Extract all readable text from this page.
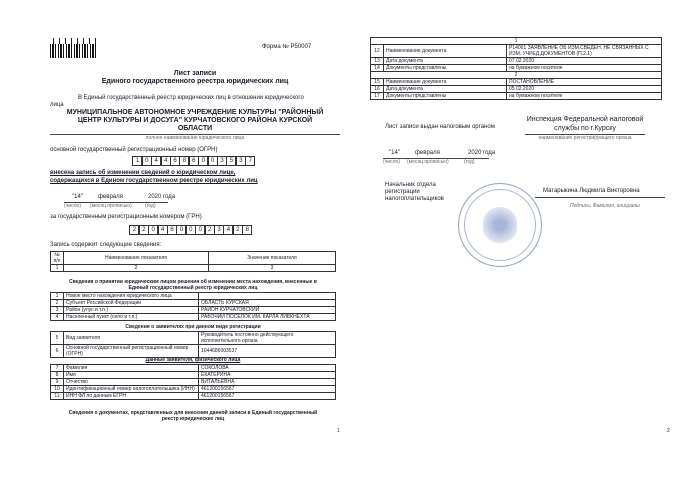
Форма № Р50007
Лист записи
Единого государственного реестра юридических лиц
В Единый государственный реестр юридических лиц в отношении юридического
лица
МУНИЦИПАЛЬНОЕ АВТОНОМНОЕ УЧРЕЖДЕНИЕ КУЛЬТУРЫ "РАЙОННЫЙ
ЦЕНТР КУЛЬТУРЫ И ДОСУГА" КУРЧАТОВСКОГО РАЙОНА КУРСКОЙ
ОБЛАСТИ
полное наименование юридического лица
основной государственный регистрационный номер (ОГРН)
1	0	4	4	6	8	6	0	0	3	5	3	7
внесена запись об изменении сведений о юридическом лице,
содержащихся в Едином государственном реестре юридических лиц
"14"	февраля	2020 года
(число) (месяц прописью)	(год)
за государственным регистрационным номером (ГРН)
2	2	0	4	6	0	0	0	2	3	4	2	8
Запись содержит следующие сведения:
№ п/п	Наименование показателя	Значение показателя
1	2	3
Сведения о принятии юридическим лицом решения об изменении места нахождения, внесенные в
Единый государственный реестр юридических лиц
1	Новое место нахождения юридического лица	
2	Субъект Российской Федерации	ОБЛАСТЬ КУРСКАЯ
3	Район (улус и т.п.)	РАЙОН КУРЧАТОВСКИЙ
4	Населенный пункт (село и т.п.)	РАБОЧИЙ ПОСЕЛОК ИМ. КАРЛА ЛИБКНЕХТА
Сведения о заявителях при данном виде регистрации
5	Вид заявителя	Руководитель постоянно действующего исполнительного органа
6	Основной государственный регистрационный номер (ОГРН)	1044686003537
Данные заявителя, физического лица
7	Фамилия	СОКОЛОВА
8	Имя	ЕКАТЕРИНА
9	Отчество	ВИТАЛЬЕВНА
10	Идентификационный номер налогоплательщика (ИНН)	461200156567
11	ИНН ФЛ по данным ЕГРН	461200156567
Сведения о документах, представленных для внесения данной записи в Единый государственный
реестр юридических лиц
1
1		
12	Наименование документа	Р14001 ЗАЯВЛЕНИЕ ОБ ИЗМ.СВЕДЕН. НЕ СВЯЗАННЫХ С ИЗМ. УЧРЕД.ДОКУМЕНТОВ (П.2.1)
13	Дата документа	07.02.2020
14	Документы представлены	на бумажном носителе
2		
15	Наименование документа	ПОСТАНОВЛЕНИЕ
16	Дата документа	05.02.2020
17	Документы представлены	на бумажном носителе
Лист записи выдан налоговым органом
Инспекция Федеральной налоговой
службы по г.Курску
наименование регистрирующего органа
"14"	февраля	2020 года
(число) (месяц прописью)	(год)
Начальник отдела
регистрации
налогоплательщиков
Матарыкина Людмила Викторовна
Подпись, Фамилия, инициалы
2
